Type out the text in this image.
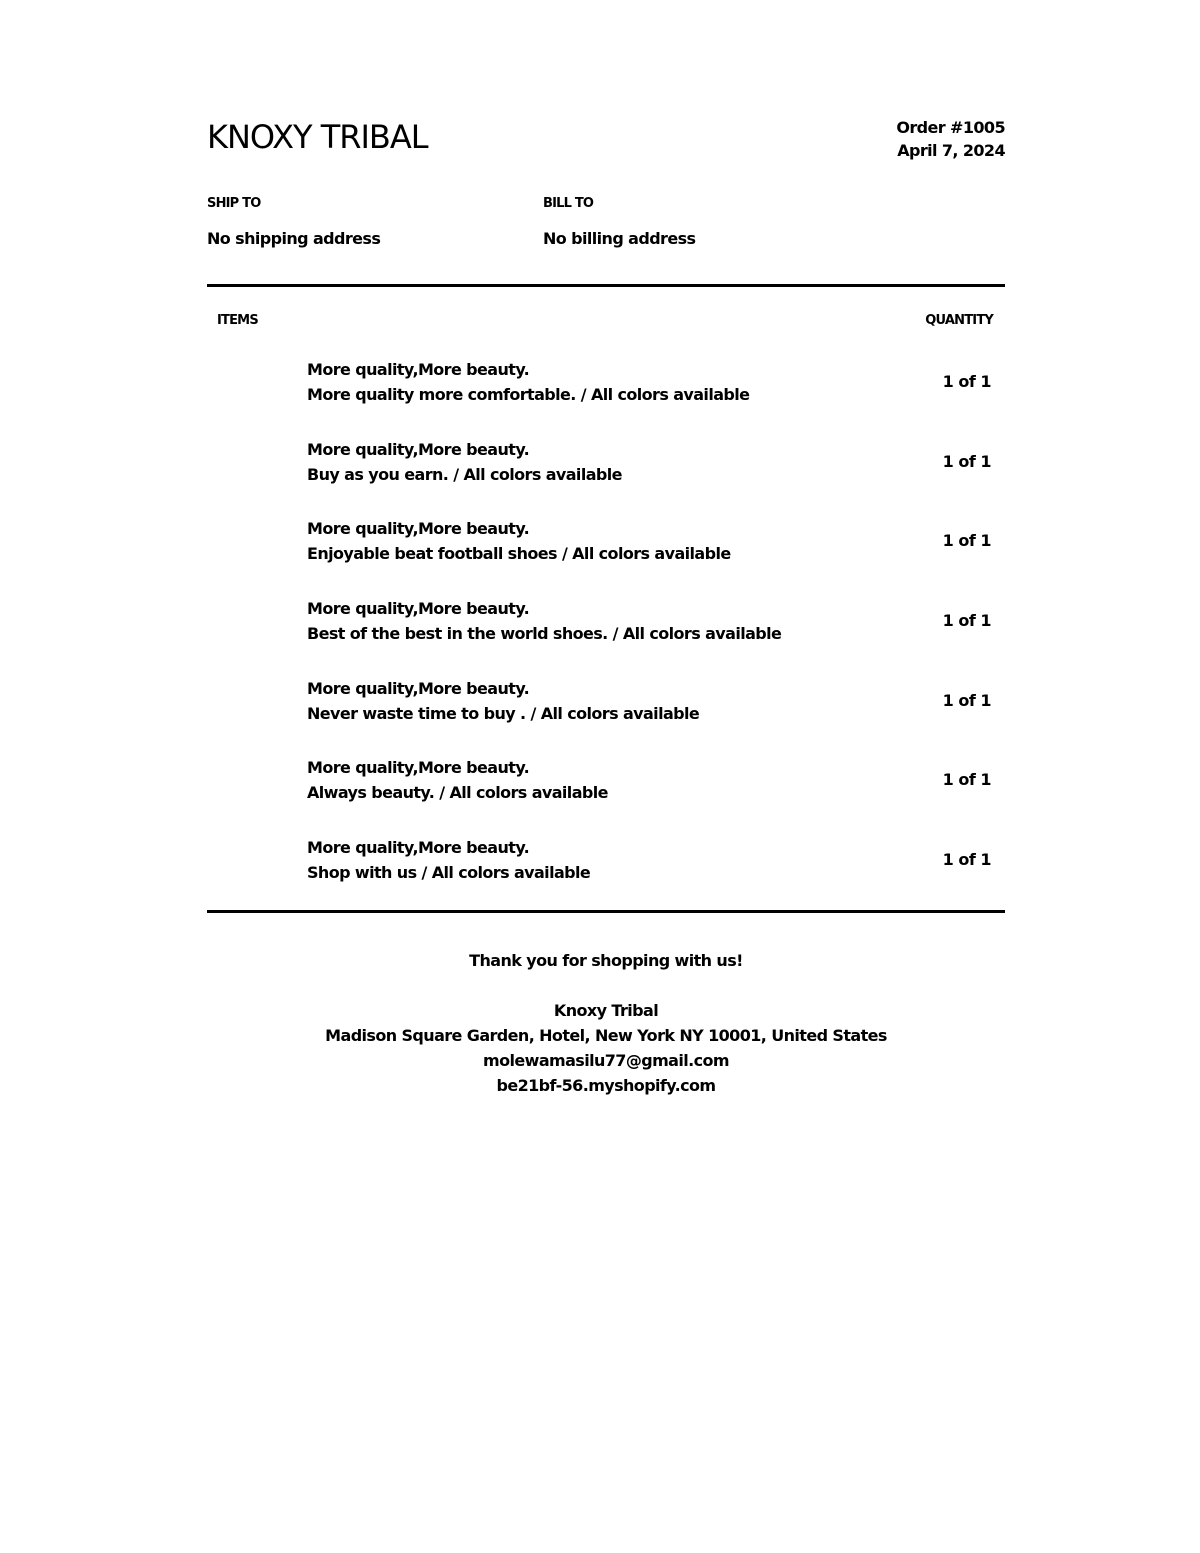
KNOXY TRIBAL	Order #1005
April 7, 2024
SHIP TO
No shipping address
BILL TO
No billing address
ITEMS	QUANTITY
More quality,More beauty.
More quality more comfortable. / All colors available
1 of 1
More quality,More beauty.
Buy as you earn. / All colors available
1 of 1
More quality,More beauty.
Enjoyable beat football shoes / All colors available
1 of 1
More quality,More beauty.
Best of the best in the world shoes. / All colors available
1 of 1
More quality,More beauty.
Never waste time to buy . / All colors available
1 of 1
More quality,More beauty.
Always beauty. / All colors available
1 of 1
More quality,More beauty.
Shop with us / All colors available
1 of 1
Thank you for shopping with us!
Knoxy Tribal
Madison Square Garden, Hotel, New York NY 10001, United States
molewamasilu77@gmail.com
be21bf-56.myshopify.com
